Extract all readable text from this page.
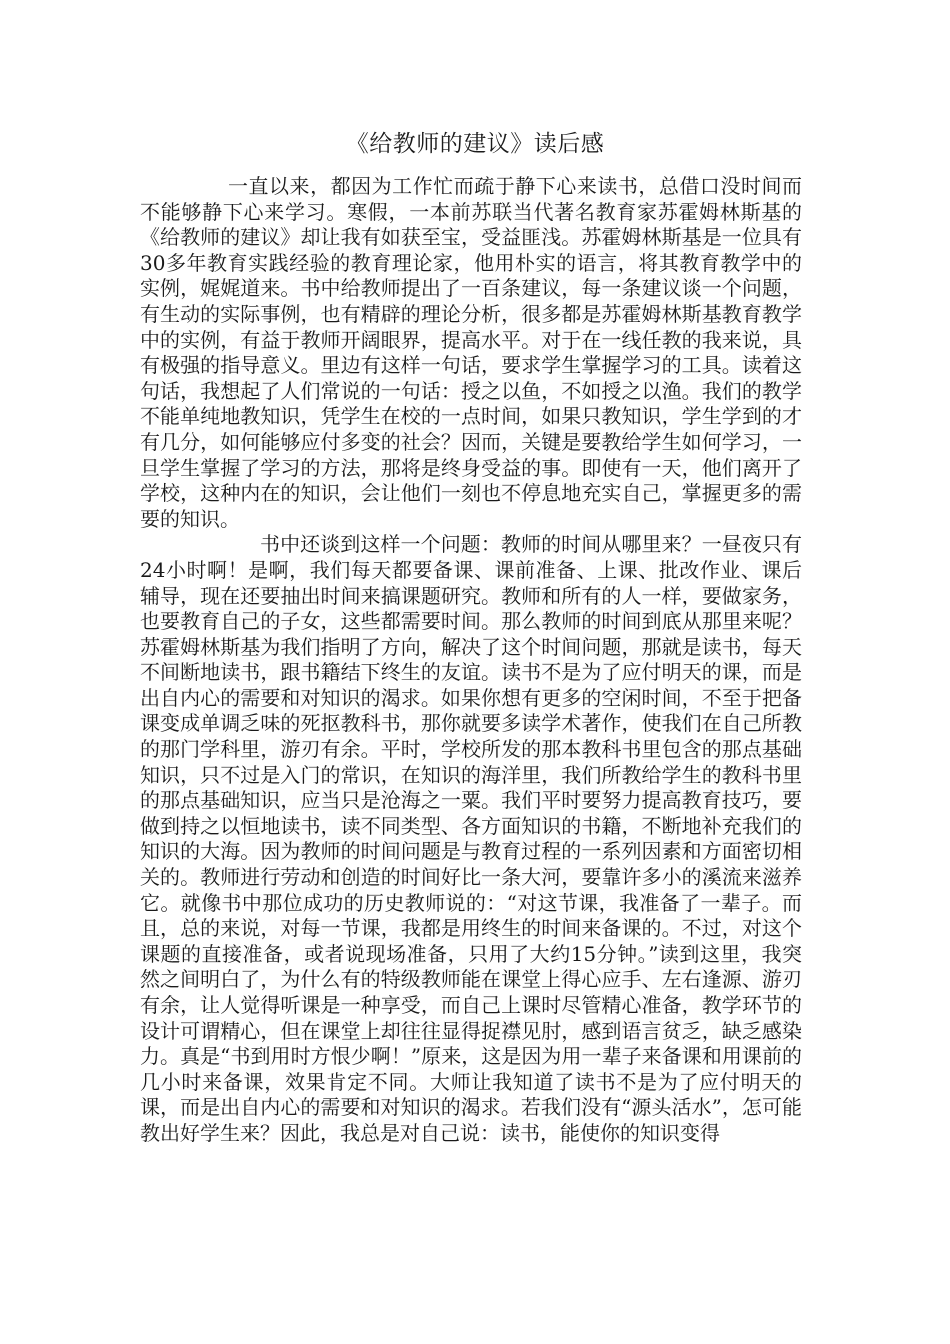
《给教师的建议》读后感

一直以来，都因为工作忙而疏于静下心来读书，总借口没时间而不能够静下心来学习。寒假，一本前苏联当代著名教育家苏霍姆林斯基的《给教师的建议》却让我有如获至宝，受益匪浅。苏霍姆林斯基是一位具有30多年教育实践经验的教育理论家，他用朴实的语言，将其教育教学中的实例，娓娓道来。书中给教师提出了一百条建议，每一条建议谈一个问题，有生动的实际事例，也有精辟的理论分析，很多都是苏霍姆林斯基教育教学中的实例，有益于教师开阔眼界，提高水平。对于在一线任教的我来说，具有极强的指导意义。里边有这样一句话，要求学生掌握学习的工具。读着这句话，我想起了人们常说的一句话：授之以鱼，不如授之以渔。我们的教学不能单纯地教知识，凭学生在校的一点时间，如果只教知识，学生学到的才有几分，如何能够应付多变的社会？因而，关键是要教给学生如何学习，一旦学生掌握了学习的方法，那将是终身受益的事。即使有一天，他们离开了学校，这种内在的知识，会让他们一刻也不停息地充实自己，掌握更多的需要的知识。

书中还谈到这样一个问题：教师的时间从哪里来？一昼夜只有24小时啊！是啊，我们每天都要备课、课前准备、上课、批改作业、课后辅导，现在还要抽出时间来搞课题研究。教师和所有的人一样，要做家务，也要教育自己的子女，这些都需要时间。那么教师的时间到底从那里来呢？苏霍姆林斯基为我们指明了方向，解决了这个时间问题，那就是读书，每天不间断地读书，跟书籍结下终生的友谊。读书不是为了应付明天的课，而是出自内心的需要和对知识的渴求。如果你想有更多的空闲时间，不至于把备课变成单调乏味的死抠教科书，那你就要多读学术著作，使我们在自己所教的那门学科里，游刃有余。平时，学校所发的那本教科书里包含的那点基础知识，只不过是入门的常识，在知识的海洋里，我们所教给学生的教科书里的那点基础知识，应当只是沧海之一粟。我们平时要努力提高教育技巧，要做到持之以恒地读书，读不同类型、各方面知识的书籍，不断地补充我们的知识的大海。因为教师的时间问题是与教育过程的一系列因素和方面密切相关的。教师进行劳动和创造的时间好比一条大河，要靠许多小的溪流来滋养它。就像书中那位成功的历史教师说的：“对这节课，我准备了一辈子。而且，总的来说，对每一节课，我都是用终生的时间来备课的。不过，对这个课题的直接准备，或者说现场准备，只用了大约15分钟。”读到这里，我突然之间明白了，为什么有的特级教师能在课堂上得心应手、左右逢源、游刃有余，让人觉得听课是一种享受，而自己上课时尽管精心准备，教学环节的设计可谓精心，但在课堂上却往往显得捉襟见肘，感到语言贫乏，缺乏感染力。真是“书到用时方恨少啊！”原来，这是因为用一辈子来备课和用课前的几小时来备课，效果肯定不同。大师让我知道了读书不是为了应付明天的课，而是出自内心的需要和对知识的渴求。若我们没有“源头活水”，怎可能教出好学生来？因此，我总是对自己说：读书，能使你的知识变得
